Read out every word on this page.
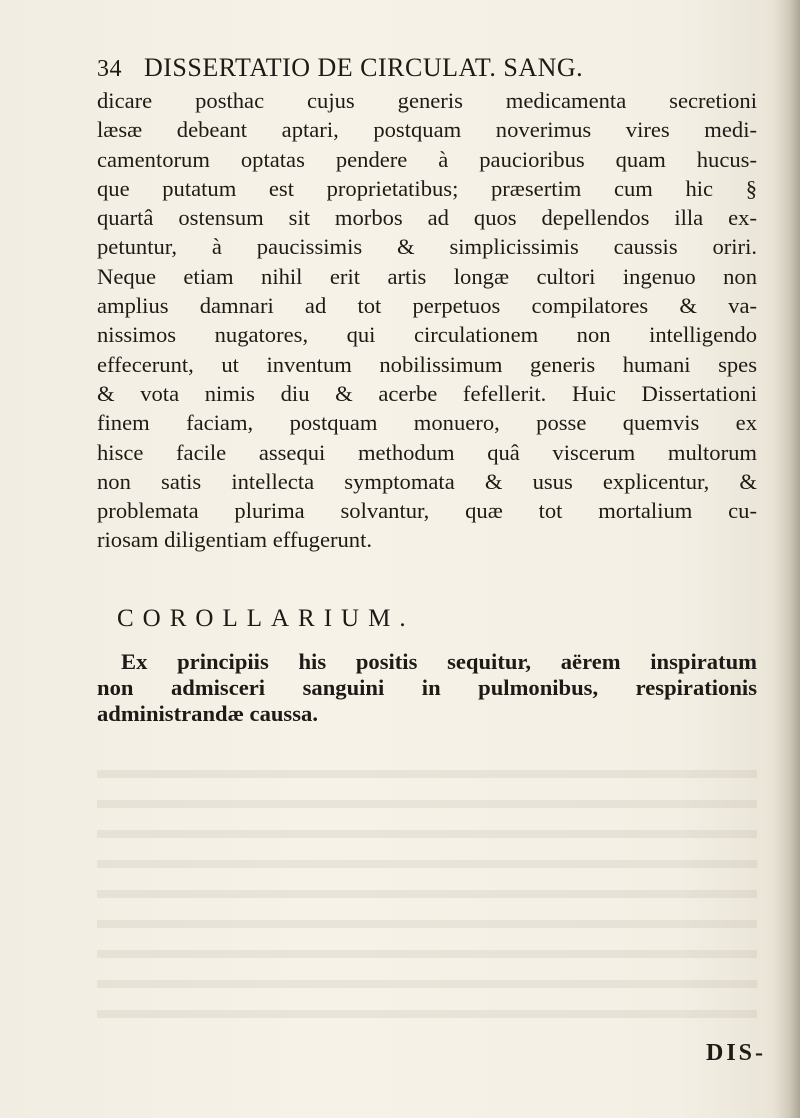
34 DISSERTATIO DE CIRCULAT. SANG.
dicare posthac cujus generis medicamenta secretioni
læsæ debeant aptari, postquam noverimus vires medi-
camentorum optatas pendere à paucioribus quam hucus-
que putatum est proprietatibus; præsertim cum hic §
quartâ ostensum sit morbos ad quos depellendos illa ex-
petuntur, à paucissimis & simplicissimis caussis oriri.
Neque etiam nihil erit artis longæ cultori ingenuo non
amplius damnari ad tot perpetuos compilatores & va-
nissimos nugatores, qui circulationem non intelligendo
effecerunt, ut inventum nobilissimum generis humani spes
& vota nimis diu & acerbe fefellerit. Huic Dissertationi
finem faciam, postquam monuero, posse quemvis ex
hisce facile assequi methodum quâ viscerum multorum
non satis intellecta symptomata & usus explicentur, &
problemata plurima solvantur, quæ tot mortalium cu-
riosam diligentiam effugerunt.
COROLLARIUM.
Ex principiis his positis sequitur, aërem inspiratum
non admisceri sanguini in pulmonibus, respirationis
administrandæ caussa.
DIS-
